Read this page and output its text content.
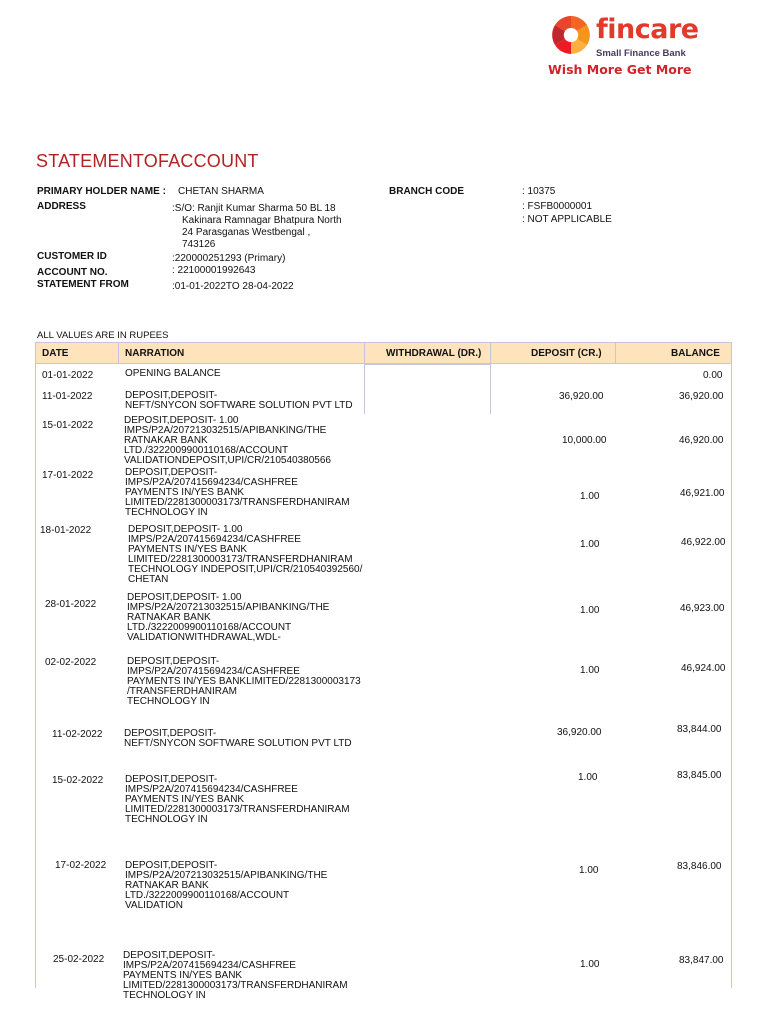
fincare
Small Finance Bank
Wish More Get More
STATEMENTOFACCOUNT
PRIMARY HOLDER NAME : CHETAN SHARMA
ADDRESS	:S/O: Ranjit Kumar Sharma 50 BL 18
Kakinara Ramnagar Bhatpura North
24 Parasganas Westbengal ,
743126
CUSTOMER ID	:220000251293 (Primary)
ACCOUNT NO.	: 22100001992643
STATEMENT FROM	:01-01-2022TO 28-04-2022
BRANCH CODE	: 10375
: FSFB0000001
: NOT APPLICABLE
ALL VALUES ARE IN RUPEES
DATE	NARRATION	WITHDRAWAL (DR.)	DEPOSIT (CR.)	BALANCE
01-01-2022	OPENING BALANCE	0.00
11-01-2022	DEPOSIT,DEPOSIT-
NEFT/SNYCON SOFTWARE SOLUTION PVT LTD
36,920.00	36,920.00
15-01-2022	DEPOSIT,DEPOSIT- 1.00
IMPS/P2A/207213032515/APIBANKING/THE
RATNAKAR BANK
LTD./3222009900110168/ACCOUNT
VALIDATIONDEPOSIT,UPI/CR/210540380566
10,000.00	46,920.00
17-01-2022	DEPOSIT,DEPOSIT-
IMPS/P2A/207415694234/CASHFREE
PAYMENTS IN/YES BANK
LIMITED/2281300003173/TRANSFERDHANIRAM
TECHNOLOGY IN
1.00	46,921.00
18-01-2022	DEPOSIT,DEPOSIT- 1.00
IMPS/P2A/207415694234/CASHFREE
PAYMENTS IN/YES BANK
LIMITED/2281300003173/TRANSFERDHANIRAM
TECHNOLOGY INDEPOSIT,UPI/CR/210540392560/
CHETAN
1.00	46,922.00
28-01-2022
DEPOSIT,DEPOSIT- 1.00
IMPS/P2A/207213032515/APIBANKING/THE
RATNAKAR BANK
LTD./3222009900110168/ACCOUNT
VALIDATIONWITHDRAWAL,WDL-
1.00	46,923.00
02-02-2022	DEPOSIT,DEPOSIT-
IMPS/P2A/207415694234/CASHFREE
PAYMENTS IN/YES BANKLIMITED/2281300003173
/TRANSFERDHANIRAM
TECHNOLOGY IN
1.00	46,924.00
11-02-2022 DEPOSIT,DEPOSIT-
NEFT/SNYCON SOFTWARE SOLUTION PVT LTD
36,920.00	83,844.00
15-02-2022 DEPOSIT,DEPOSIT-
IMPS/P2A/207415694234/CASHFREE
PAYMENTS IN/YES BANK
LIMITED/2281300003173/TRANSFERDHANIRAM
TECHNOLOGY IN
1.00	83,845.00
17-02-2022 DEPOSIT,DEPOSIT-
IMPS/P2A/207213032515/APIBANKING/THE
RATNAKAR BANK
LTD./3222009900110168/ACCOUNT
VALIDATION
1.00	83,846.00
25-02-2022 DEPOSIT,DEPOSIT-
IMPS/P2A/207415694234/CASHFREE
PAYMENTS IN/YES BANK
LIMITED/2281300003173/TRANSFERDHANIRAM
TECHNOLOGY IN
1.00	83,847.00
